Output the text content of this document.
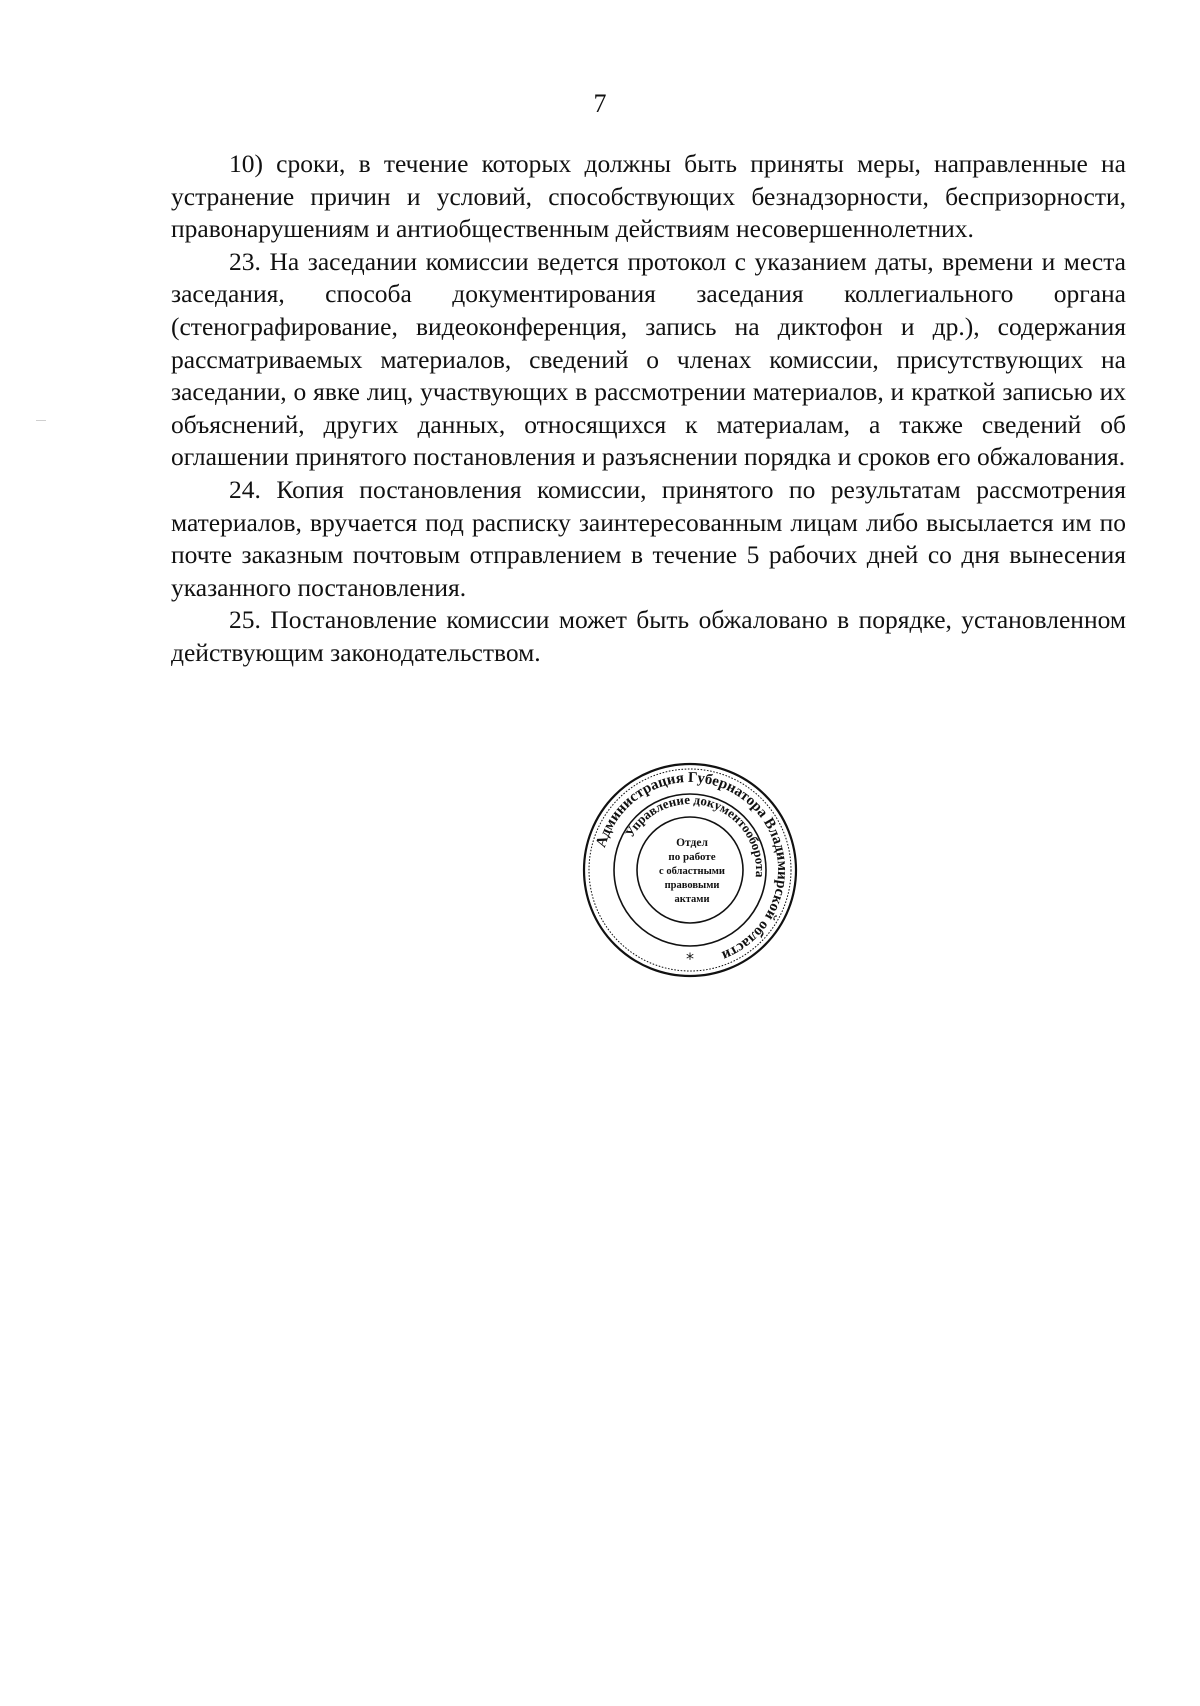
7

10) сроки, в течение которых должны быть приняты меры, направленные на устранение причин и условий, способствующих безнадзорности, беспризорности, правонарушениям и антиобщественным действиям несовершеннолетних.

23. На заседании комиссии ведется протокол с указанием даты, времени и места заседания, способа документирования заседания коллегиального органа (стенографирование, видеоконференция, запись на диктофон и др.), содержания рассматриваемых материалов, сведений о членах комиссии, присутствующих на заседании, о явке лиц, участвующих в рассмотрении материалов, и краткой записью их объяснений, других данных, относящихся к материалам, а также сведений об оглашении принятого постановления и разъяснении порядка и сроков его обжалования.

24. Копия постановления комиссии, принятого по результатам рассмотрения материалов, вручается под расписку заинтересованным лицам либо высылается им по почте заказным почтовым отправлением в течение 5 рабочих дней со дня вынесения указанного постановления.

25. Постановление комиссии может быть обжаловано в порядке, установленном действующим законодательством.

Администрация Губернатора Владимирской области
Управление документооборота
*
Отдел
по работе
с областными
правовыми
актами
